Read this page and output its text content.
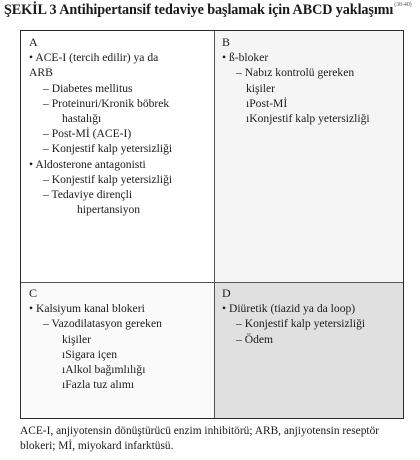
ŞEKİL 3 Antihipertansif tedaviye başlamak için ABCD yaklaşımı$^{(38-40)}$
A
• ACE-I (tercih edilir) ya da
ARB
– Diabetes mellitus
– Proteinuri/Kronik böbrek
hastalığı
– Post-Mİ (ACE-I)
– Konjestif kalp yetersizliği
• Aldosterone antagonisti
– Konjestif kalp yetersizliği
– Tedaviye dirençli
hipertansiyon
B
• ß-bloker
– Nabız kontrolü gereken
kişiler
ıPost-Mİ
ıKonjestif kalp yetersizliği
C
• Kalsiyum kanal blokeri
– Vazodilatasyon gereken
kişiler
ıSigara içen
ıAlkol bağımlılığı
ıFazla tuz alımı
D
• Diüretik (tiazid ya da loop)
– Konjestif kalp yetersizliği
– Ödem
ACE-I, anjiyotensin dönüştürücü enzim inhibitörü; ARB, anjiyotensin reseptör blokeri; Mİ, miyokard infarktüsü.
